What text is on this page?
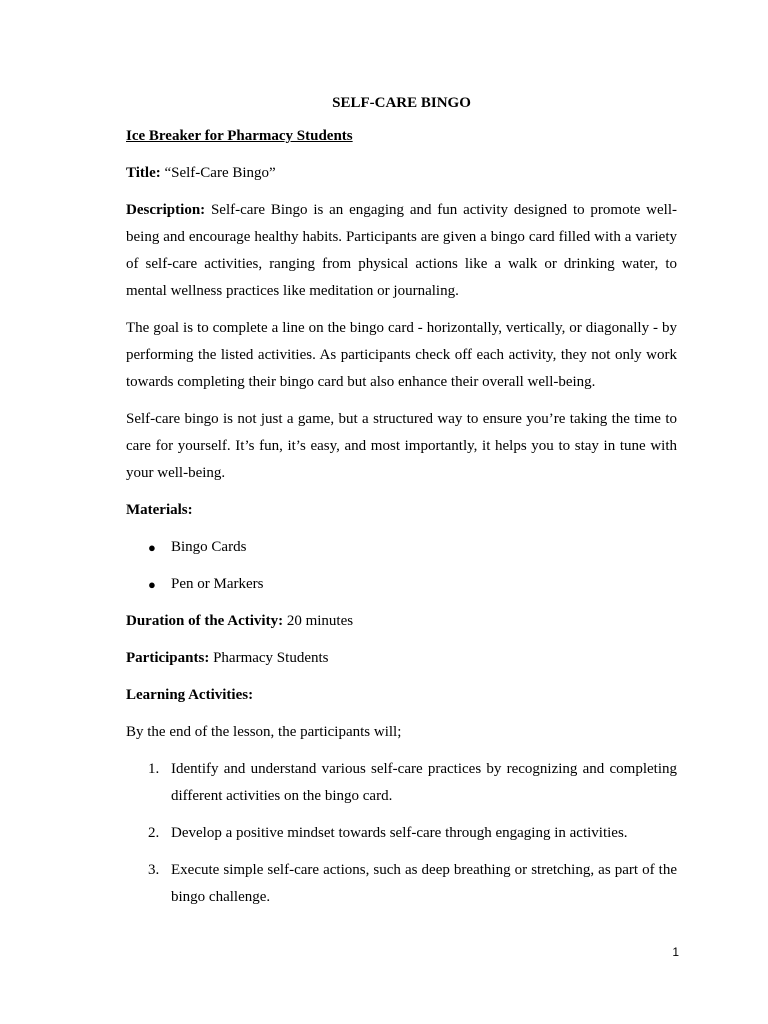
SELF-CARE BINGO
Ice Breaker for Pharmacy Students

Title: “Self-Care Bingo”

Description: Self-care Bingo is an engaging and fun activity designed to promote well-being and encourage healthy habits. Participants are given a bingo card filled with a variety of self-care activities, ranging from physical actions like a walk or drinking water, to mental wellness practices like meditation or journaling.

The goal is to complete a line on the bingo card - horizontally, vertically, or diagonally - by performing the listed activities. As participants check off each activity, they not only work towards completing their bingo card but also enhance their overall well-being.

Self-care bingo is not just a game, but a structured way to ensure you’re taking the time to care for yourself. It’s fun, it’s easy, and most importantly, it helps you to stay in tune with your well-being.

Materials:

● Bingo Cards
● Pen or Markers

Duration of the Activity: 20 minutes

Participants: Pharmacy Students

Learning Activities:

By the end of the lesson, the participants will;

1. Identify and understand various self-care practices by recognizing and completing different activities on the bingo card.
2. Develop a positive mindset towards self-care through engaging in activities.
3. Execute simple self-care actions, such as deep breathing or stretching, as part of the bingo challenge.
1
